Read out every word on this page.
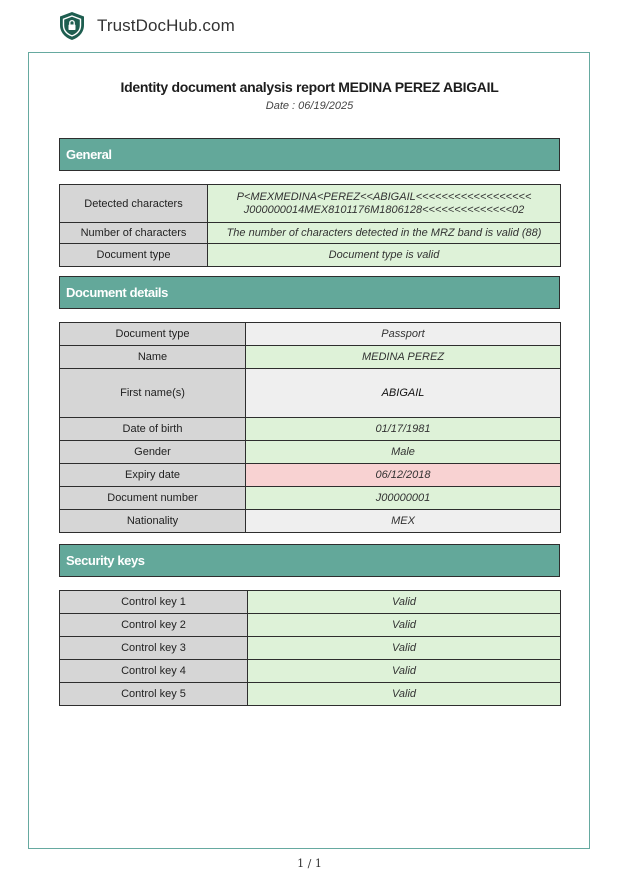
TrustDocHub.com
Identity document analysis report MEDINA PEREZ ABIGAIL
Date : 06/19/2025
General
Detected characters	P<MEXMEDINA<PEREZ<<ABIGAIL<<<<<<<<<<<<<<<<<<
J000000014MEX8101176M1806128<<<<<<<<<<<<<<02

Number of characters	The number of characters detected in the MRZ band is valid (88)
Document type	Document type is valid
Document details
Document type	Passport
Name	MEDINA PEREZ
First name(s)	ABIGAIL
Date of birth	01/17/1981
Gender	Male
Expiry date	06/12/2018
Document number	J00000001
Nationality	MEX
Security keys
Control key 1	Valid
Control key 2	Valid
Control key 3	Valid
Control key 4	Valid
Control key 5	Valid
1 / 1
